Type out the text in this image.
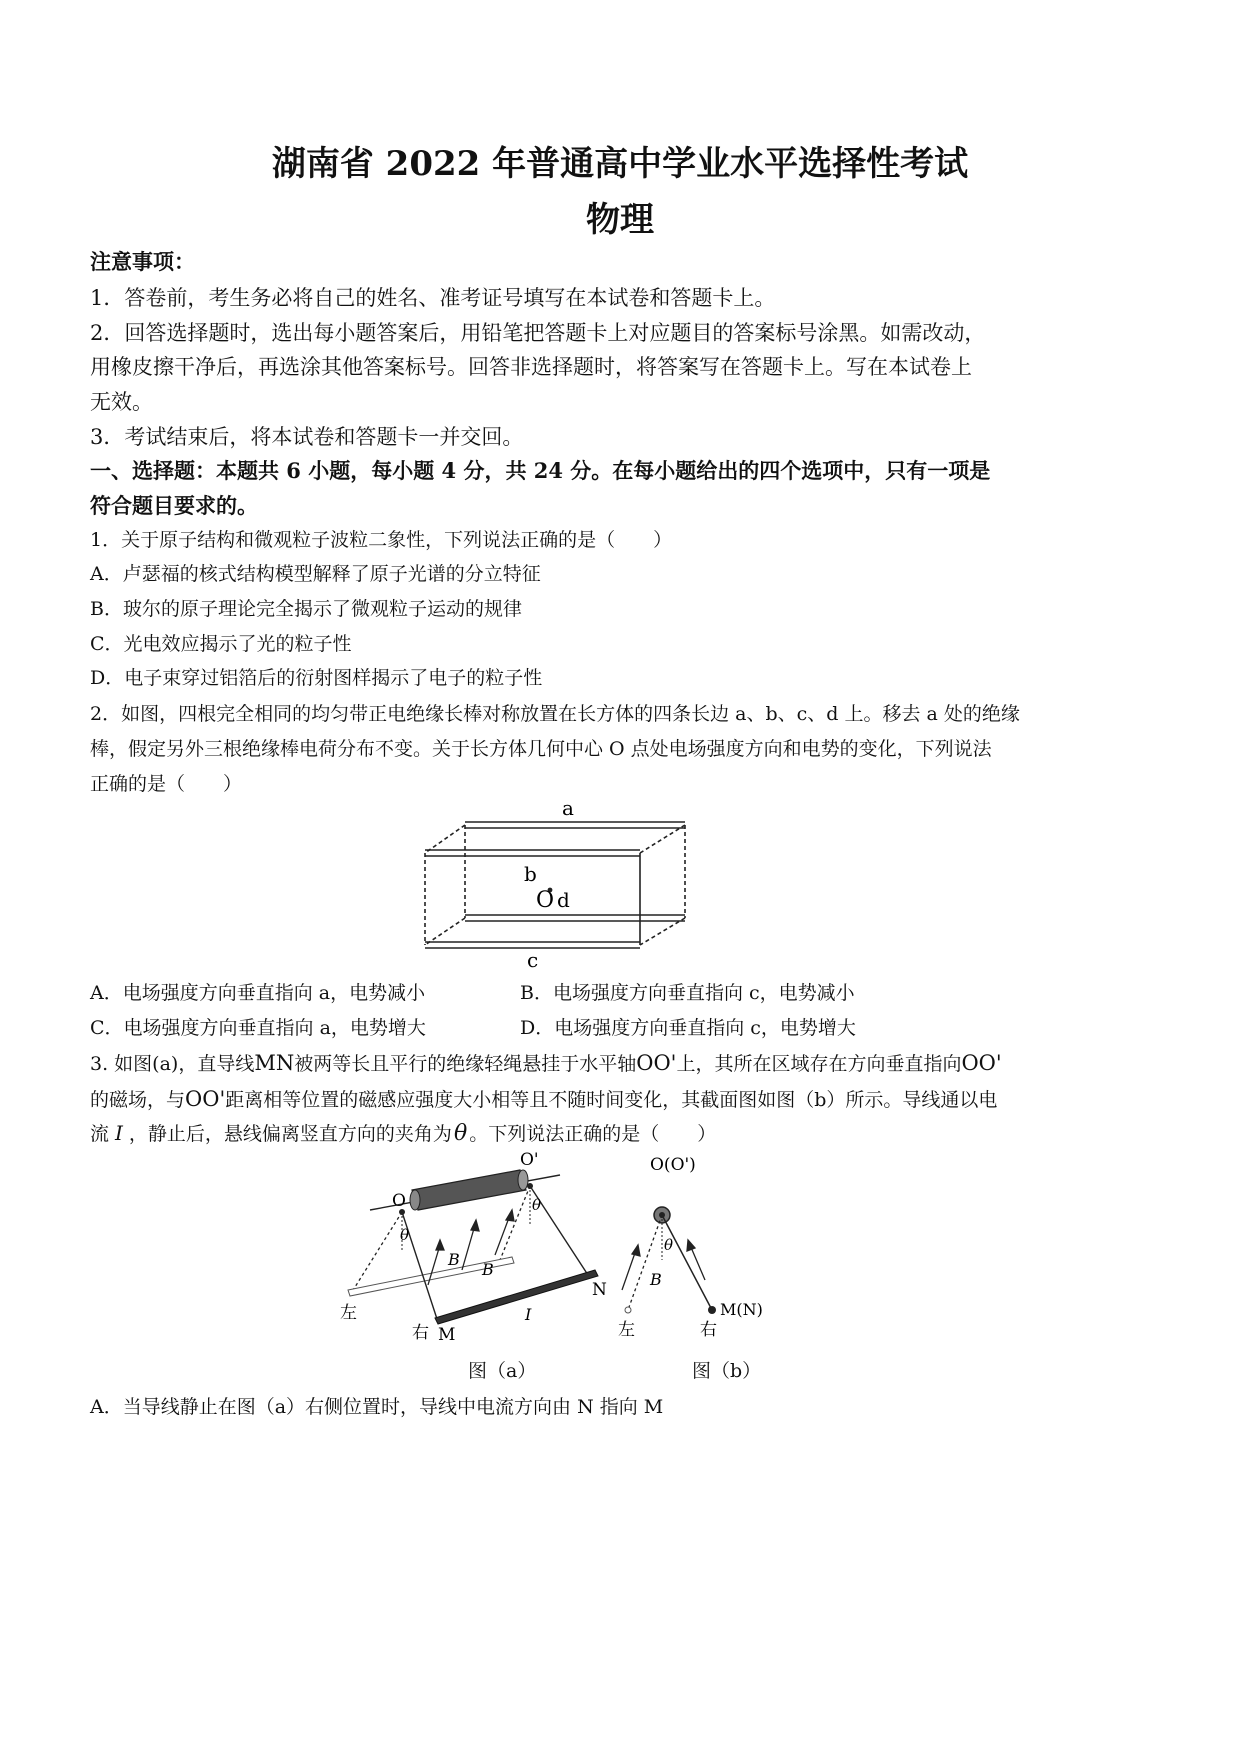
湖南省 2022 年普通高中学业水平选择性考试
物理
注意事项：
1．答卷前，考生务必将自己的姓名、准考证号填写在本试卷和答题卡上。
2．回答选择题时，选出每小题答案后，用铅笔把答题卡上对应题目的答案标号涂黑。如需改动，
用橡皮擦干净后，再选涂其他答案标号。回答非选择题时，将答案写在答题卡上。写在本试卷上
无效。
3．考试结束后，将本试卷和答题卡一并交回。
一、选择题：本题共 6 小题，每小题 4 分，共 24 分。在每小题给出的四个选项中，只有一项是
符合题目要求的。
1．关于原子结构和微观粒子波粒二象性，下列说法正确的是（　　）
A．卢瑟福的核式结构模型解释了原子光谱的分立特征
B．玻尔的原子理论完全揭示了微观粒子运动的规律
C．光电效应揭示了光的粒子性
D．电子束穿过铝箔后的衍射图样揭示了电子的粒子性
2．如图，四根完全相同的均匀带正电绝缘长棒对称放置在长方体的四条长边 a、b、c、d 上。移去 a 处的绝缘
棒，假定另外三根绝缘棒电荷分布不变。关于长方体几何中心 O 点处电场强度方向和电势的变化，下列说法
正确的是（　　）
a
b
O d
c
A．电场强度方向垂直指向 a，电势减小	B．电场强度方向垂直指向 c，电势减小
C．电场强度方向垂直指向 a，电势增大	D．电场强度方向垂直指向 c，电势增大
3. 如图(a)，直导线MN被两等长且平行的绝缘轻绳悬挂于水平轴OO'上，其所在区域存在方向垂直指向OO'
的磁场，与OO'距离相等位置的磁感应强度大小相等且不随时间变化，其截面图如图（b）所示。导线通以电
流 I ，静止后，悬线偏离竖直方向的夹角为θ 。下列说法正确的是（　　）
O
O'
θ
θ
B
B
左
右 M
N
I
O(O')
θ
B
左	右
M(N)
图（a）	图（b）
A．当导线静止在图（a）右侧位置时，导线中电流方向由 N 指向 M
